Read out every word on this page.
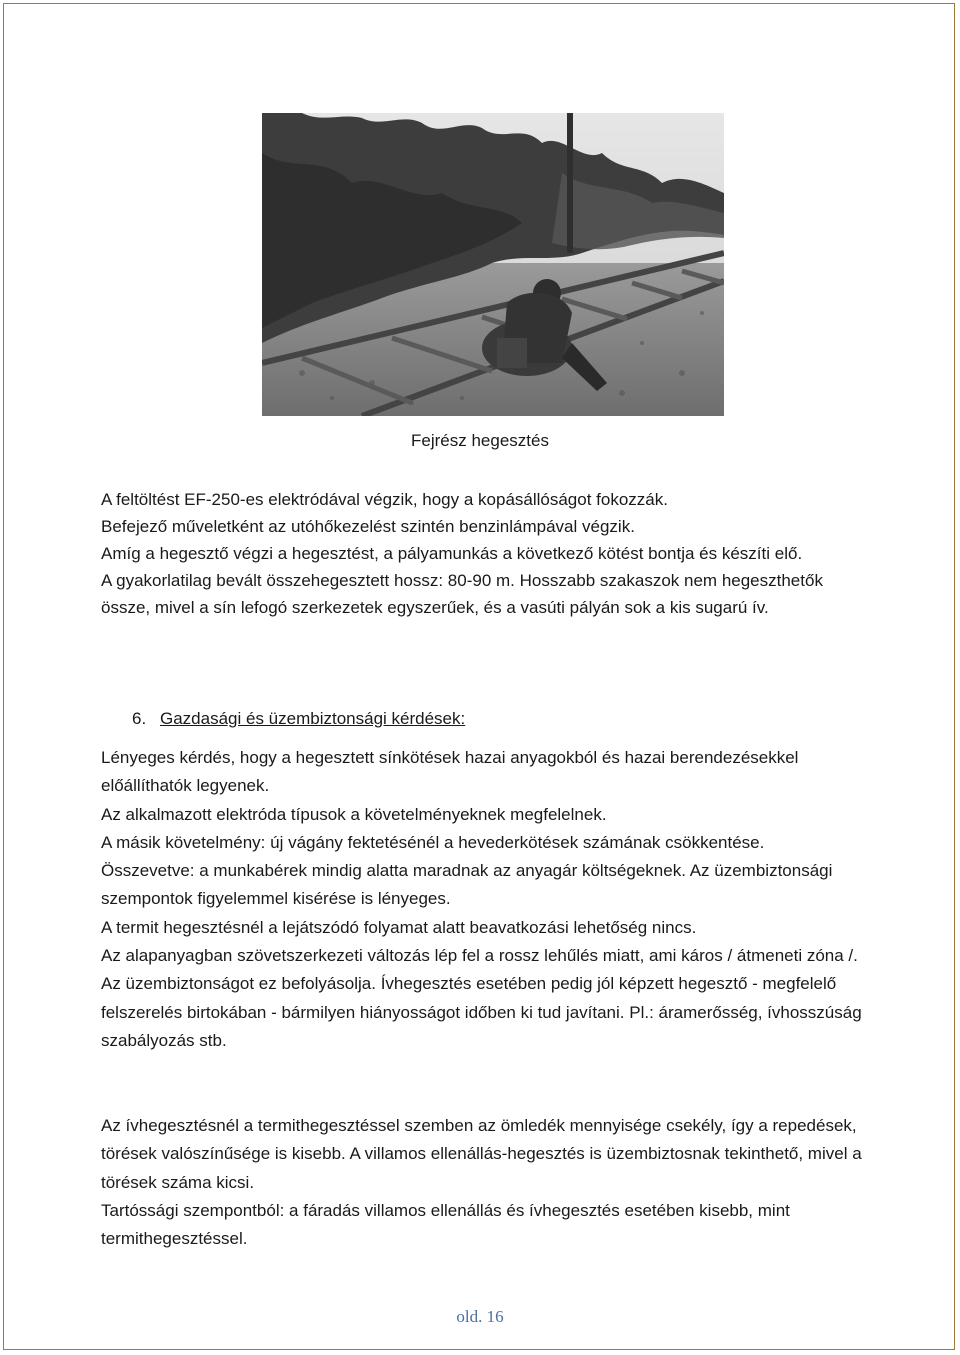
Fejrész hegesztés

A feltöltést EF-250-es elektródával végzik, hogy a kopásállóságot fokozzák.

Befejező műveletként az utóhőkezelést szintén benzinlámpával végzik.

Amíg a hegesztő végzi a hegesztést, a pályamunkás a következő kötést bontja és készíti elő.

A gyakorlatilag bevált összehegesztett hossz: 80-90 m. Hosszabb szakaszok nem hegeszthetők össze, mivel a sín lefogó szerkezetek egyszerűek, és a vasúti pályán sok a kis sugarú ív.

6. Gazdasági és üzembiztonsági kérdések:

Lényeges kérdés, hogy a hegesztett sínkötések hazai anyagokból és hazai berendezésekkel előállíthatók legyenek.

Az alkalmazott elektróda típusok a követelményeknek megfelelnek.

A másik követelmény: új vágány fektetésénél a hevederkötések számának csökkentése.

Összevetve: a munkabérek mindig alatta maradnak az anyagár költségeknek. Az üzembiztonsági szempontok figyelemmel kisérése is lényeges.

A termit hegesztésnél a lejátszódó folyamat alatt beavatkozási lehetőség nincs.

Az alapanyagban szövetszerkezeti változás lép fel a rossz lehűlés miatt, ami káros / átmeneti zóna /.

Az üzembiztonságot ez befolyásolja. Ívhegesztés esetében pedig jól képzett hegesztő - megfelelő felszerelés birtokában - bármilyen hiányosságot időben ki tud javítani. Pl.: áramerősség, ívhosszúság szabályozás stb.

Az ívhegesztésnél a termithegesztéssel szemben az ömledék mennyisége csekély, így a repedések, törések valószínűsége is kisebb. A villamos ellenállás-hegesztés is üzembiztosnak tekinthető, mivel a törések száma kicsi.

Tartóssági szempontból: a fáradás villamos ellenállás és ívhegesztés esetében kisebb, mint termithegesztéssel.

old. 16
